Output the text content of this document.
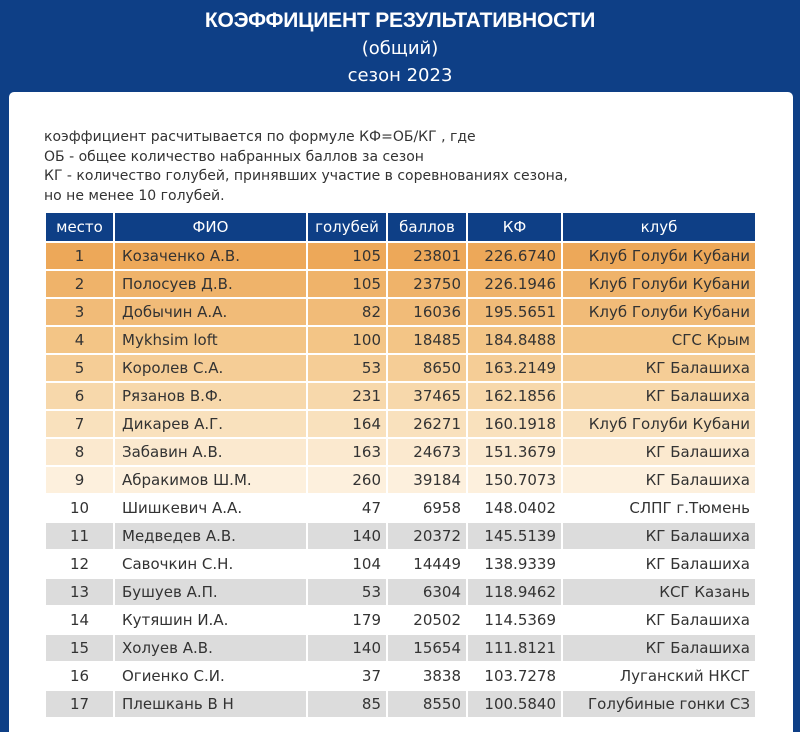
КОЭФФИЦИЕНТ РЕЗУЛЬТАТИВНОСТИ
(общий)
сезон 2023
коэффициент расчитывается по формуле КФ=ОБ/КГ , где
ОБ - общее количество набранных баллов за сезон
КГ - количество голубей, принявших участие в соревнованиях сезона,
но не менее 10 голубей.
место	ФИО	голубей	баллов	КФ	клуб
1	Козаченко А.В.	105	23801	226.6740	Клуб Голуби Кубани
2	Полосуев Д.В.	105	23750	226.1946	Клуб Голуби Кубани
3	Добычин А.А.	82	16036	195.5651	Клуб Голуби Кубани
4	Mykhsim loft	100	18485	184.8488	СГС Крым
5	Королев С.А.	53	8650	163.2149	КГ Балашиха
6	Рязанов В.Ф.	231	37465	162.1856	КГ Балашиха
7	Дикарев А.Г.	164	26271	160.1918	Клуб Голуби Кубани
8	Забавин А.В.	163	24673	151.3679	КГ Балашиха
9	Абракимов Ш.М.	260	39184	150.7073	КГ Балашиха
10	Шишкевич А.А.	47	6958	148.0402	СЛПГ г.Тюмень
11	Медведев А.В.	140	20372	145.5139	КГ Балашиха
12	Савочкин С.Н.	104	14449	138.9339	КГ Балашиха
13	Бушуев А.П.	53	6304	118.9462	КСГ Казань
14	Кутяшин И.А.	179	20502	114.5369	КГ Балашиха
15	Холуев А.В.	140	15654	111.8121	КГ Балашиха
16	Огиенко С.И.	37	3838	103.7278	Луганский НКСГ
17	Плешкань В Н	85	8550	100.5840	Голубиные гонки СЗ
